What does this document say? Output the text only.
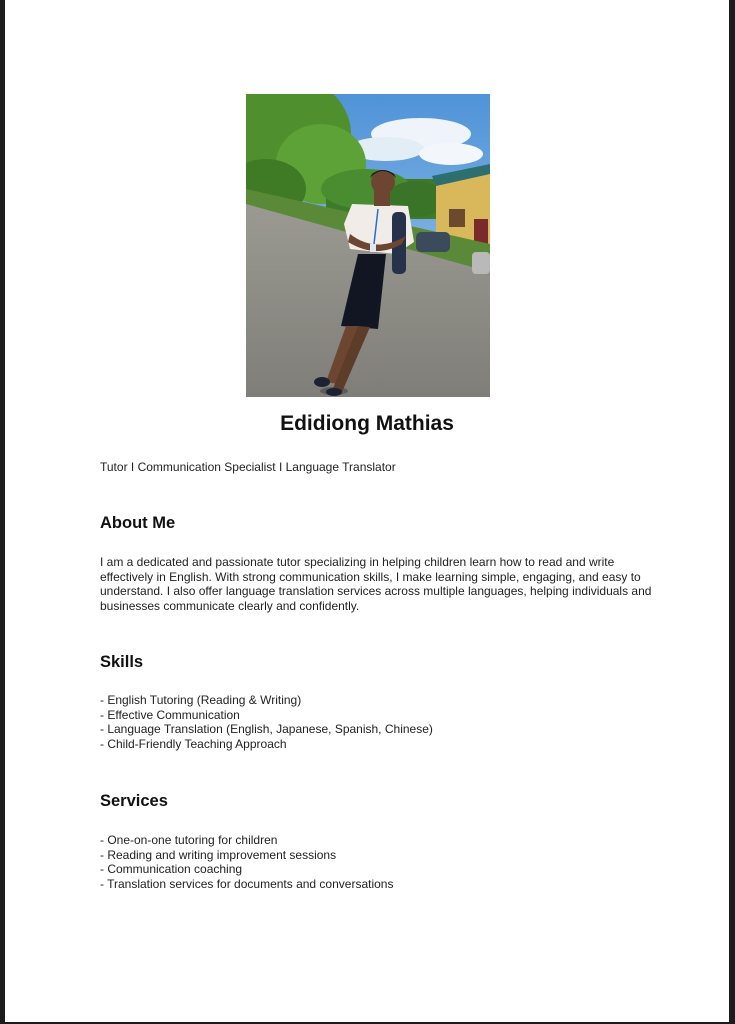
Edidiong Mathias

Tutor I Communication Specialist I Language Translator

About Me

I am a dedicated and passionate tutor specializing in helping children learn how to read and write effectively in English. With strong communication skills, I make learning simple, engaging, and easy to understand. I also offer language translation services across multiple languages, helping individuals and businesses communicate clearly and confidently.

Skills
- English Tutoring (Reading & Writing)
- Effective Communication
- Language Translation (English, Japanese, Spanish, Chinese)
- Child-Friendly Teaching Approach
Services
- One-on-one tutoring for children
- Reading and writing improvement sessions
- Communication coaching
- Translation services for documents and conversations
